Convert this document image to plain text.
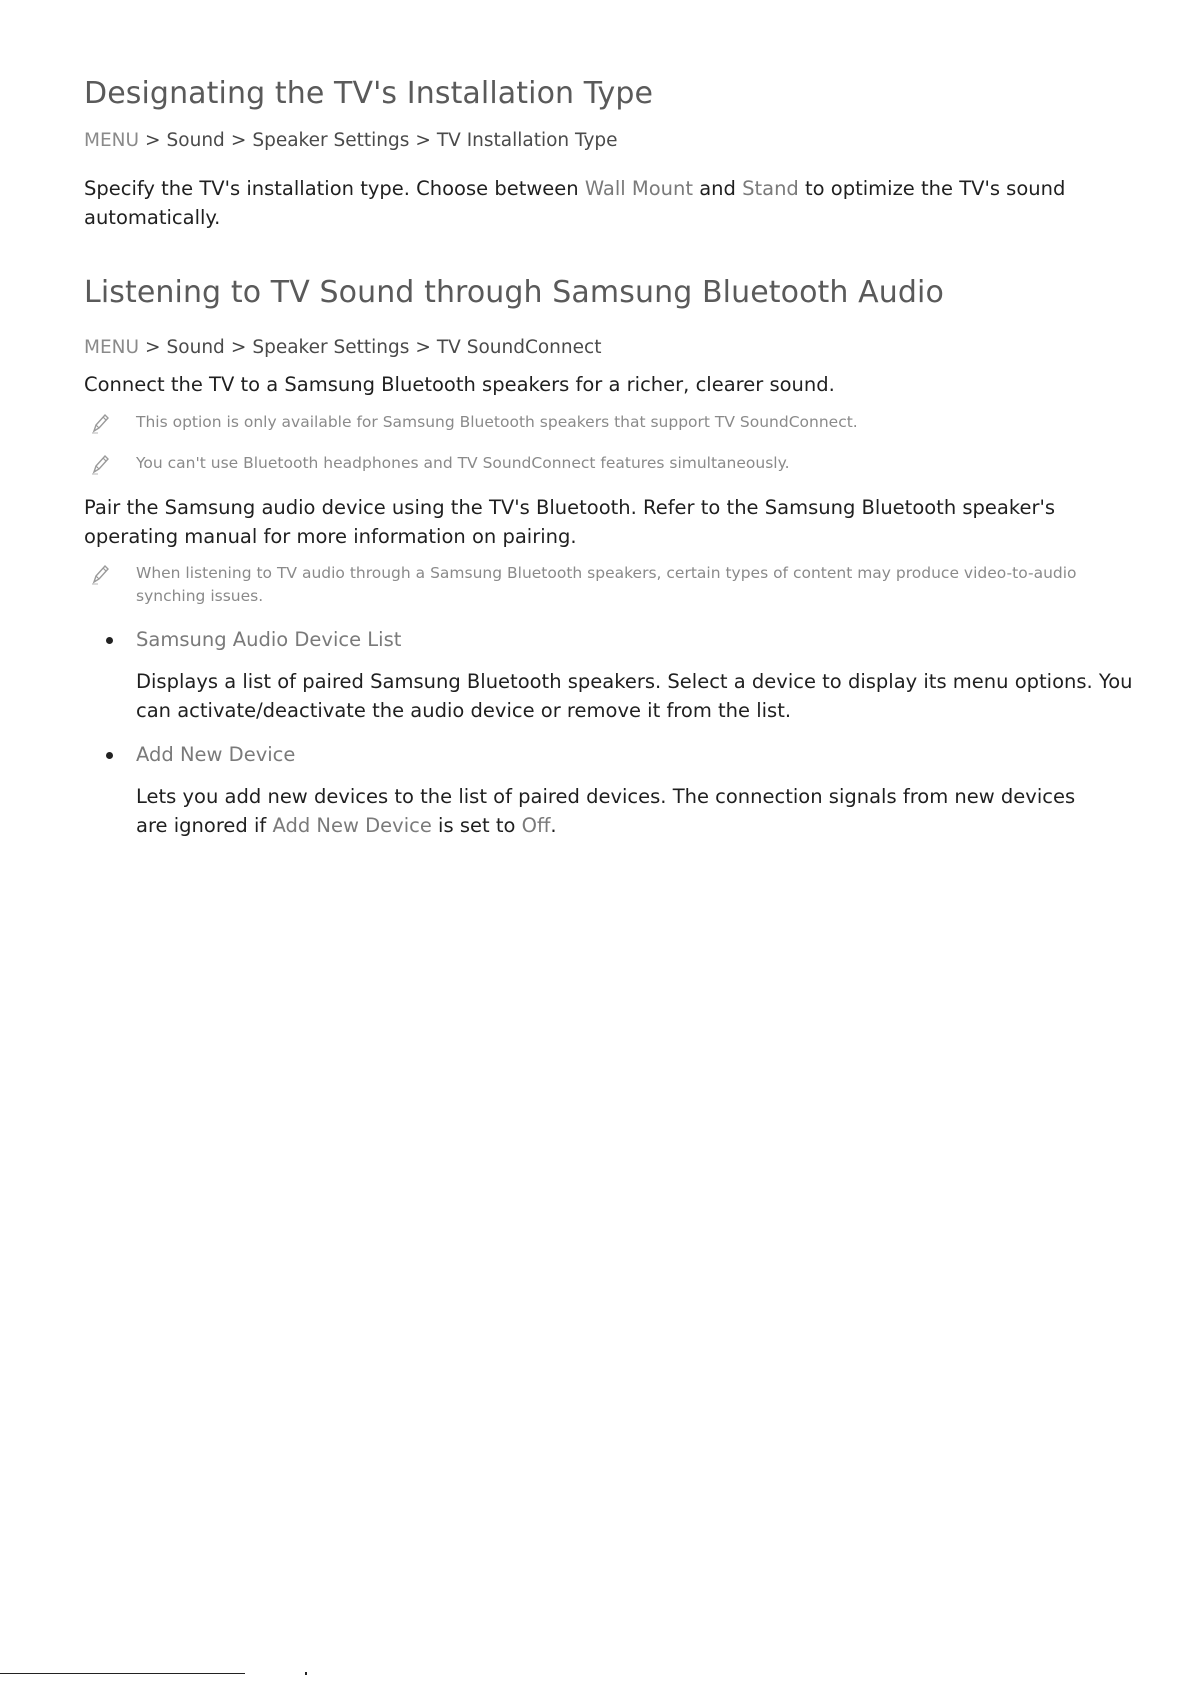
Designating the TV's Installation Type
MENU > Sound > Speaker Settings > TV Installation Type

Specify the TV's installation type. Choose between Wall Mount and Stand to optimize the TV's sound automatically.

Listening to TV Sound through Samsung Bluetooth Audio
MENU > Sound > Speaker Settings > TV SoundConnect

Connect the TV to a Samsung Bluetooth speakers for a richer, clearer sound.

This option is only available for Samsung Bluetooth speakers that support TV SoundConnect.
You can't use Bluetooth headphones and TV SoundConnect features simultaneously.

Pair the Samsung audio device using the TV's Bluetooth. Refer to the Samsung Bluetooth speaker's operating manual for more information on pairing.

When listening to TV audio through a Samsung Bluetooth speakers, certain types of content may produce video-to-audio synching issues.
Samsung Audio Device List

Displays a list of paired Samsung Bluetooth speakers. Select a device to display its menu options. You can activate/deactivate the audio device or remove it from the list.

Add New Device

Lets you add new devices to the list of paired devices. The connection signals from new devices are ignored if Add New Device is set to Off.
